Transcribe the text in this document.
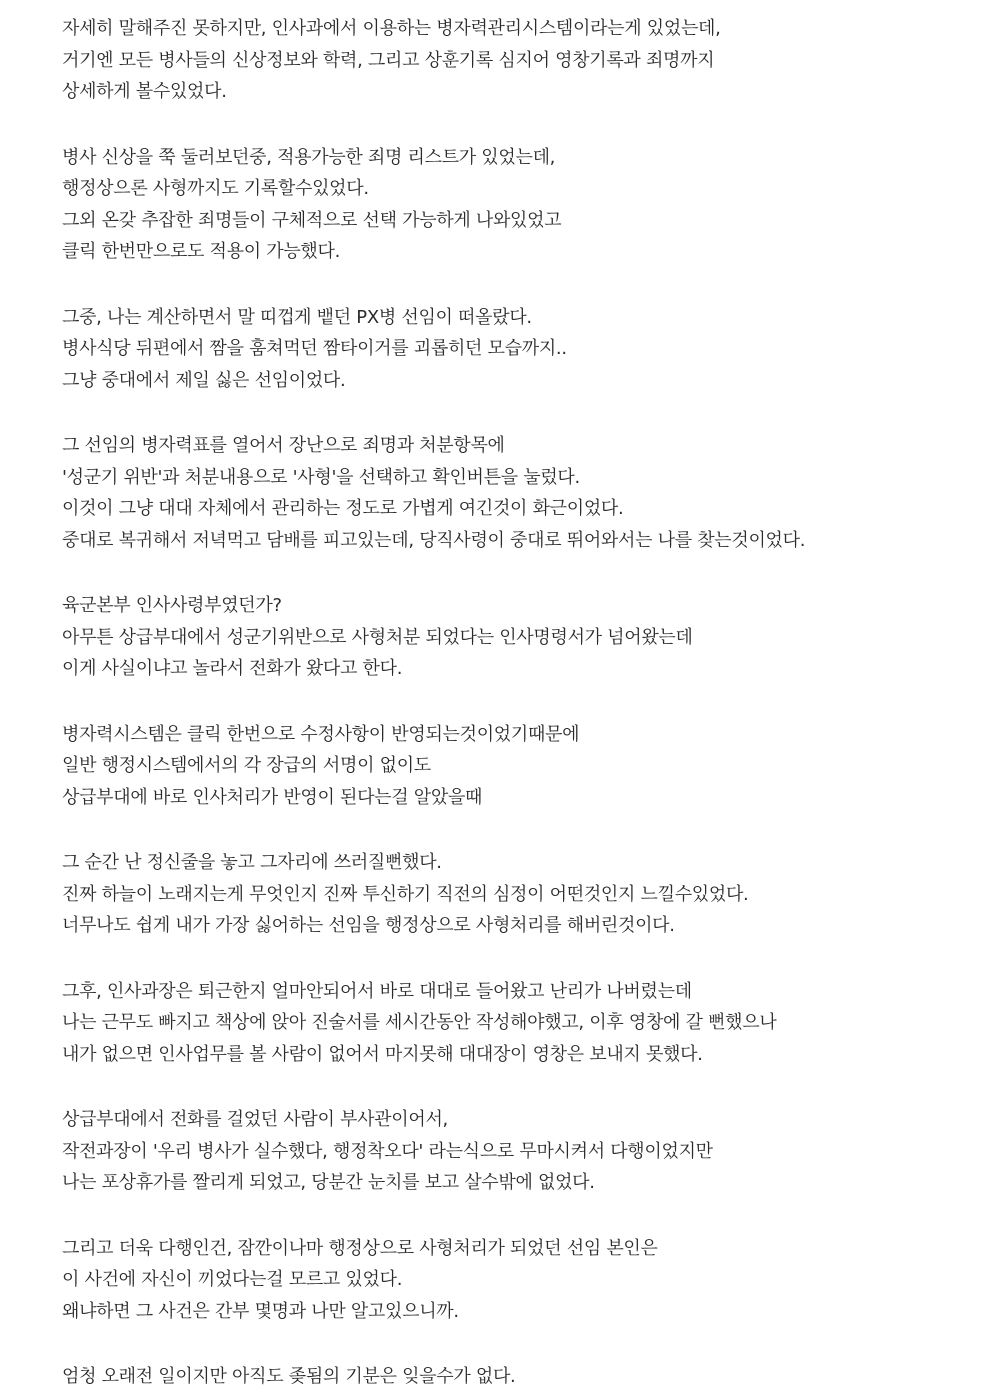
자세히 말해주진 못하지만, 인사과에서 이용하는 병자력관리시스템이라는게 있었는데,
거기엔 모든 병사들의 신상정보와 학력, 그리고 상훈기록 심지어 영창기록과 죄명까지
상세하게 볼수있었다.
병사 신상을 쭉 둘러보던중, 적용가능한 죄명 리스트가 있었는데,
행정상으론 사형까지도 기록할수있었다.
그외 온갖 추잡한 죄명들이 구체적으로 선택 가능하게 나와있었고
클릭 한번만으로도 적용이 가능했다.
그중, 나는 계산하면서 말 띠껍게 뱉던 PX병 선임이 떠올랐다.
병사식당 뒤편에서 짬을 훔쳐먹던 짬타이거를 괴롭히던 모습까지..
그냥 중대에서 제일 싫은 선임이었다.
그 선임의 병자력표를 열어서 장난으로 죄명과 처분항목에
'성군기 위반'과 처분내용으로 '사형'을 선택하고 확인버튼을 눌렀다.
이것이 그냥 대대 자체에서 관리하는 정도로 가볍게 여긴것이 화근이었다.
중대로 복귀해서 저녁먹고 담배를 피고있는데, 당직사령이 중대로 뛰어와서는 나를 찾는것이었다.
육군본부 인사사령부였던가?
아무튼 상급부대에서 성군기위반으로 사형처분 되었다는 인사명령서가 넘어왔는데
이게 사실이냐고 놀라서 전화가 왔다고 한다.
병자력시스템은 클릭 한번으로 수정사항이 반영되는것이었기때문에
일반 행정시스템에서의 각 장급의 서명이 없이도
상급부대에 바로 인사처리가 반영이 된다는걸 알았을때
그 순간 난 정신줄을 놓고 그자리에 쓰러질뻔했다.
진짜 하늘이 노래지는게 무엇인지 진짜 투신하기 직전의 심정이 어떤것인지 느낄수있었다.
너무나도 쉽게 내가 가장 싫어하는 선임을 행정상으로 사형처리를 해버린것이다.
그후, 인사과장은 퇴근한지 얼마안되어서 바로 대대로 들어왔고 난리가 나버렸는데
나는 근무도 빠지고 책상에 앉아 진술서를 세시간동안 작성해야했고, 이후 영창에 갈 뻔했으나
내가 없으면 인사업무를 볼 사람이 없어서 마지못해 대대장이 영창은 보내지 못했다.
상급부대에서 전화를 걸었던 사람이 부사관이어서,
작전과장이 '우리 병사가 실수했다, 행정착오다' 라는식으로 무마시켜서 다행이었지만
나는 포상휴가를 짤리게 되었고, 당분간 눈치를 보고 살수밖에 없었다.
그리고 더욱 다행인건, 잠깐이나마 행정상으로 사형처리가 되었던 선임 본인은
이 사건에 자신이 끼었다는걸 모르고 있었다.
왜냐하면 그 사건은 간부 몇명과 나만 알고있으니까.
엄청 오래전 일이지만 아직도 좆됨의 기분은 잊을수가 없다.
